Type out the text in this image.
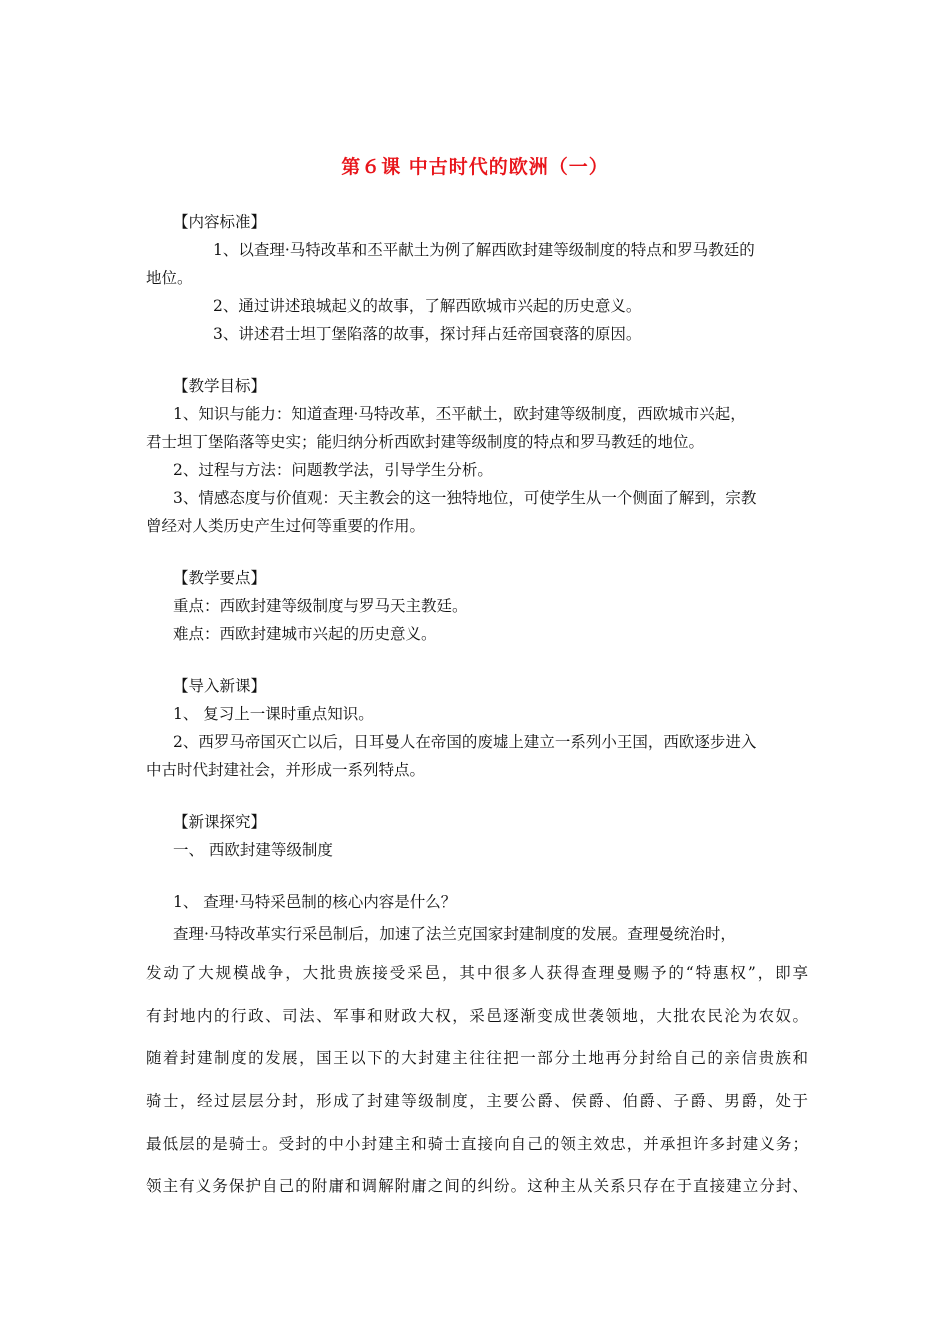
第６课 中古时代的欧洲（一）

【内容标准】

1、以查理·马特改革和丕平献土为例了解西欧封建等级制度的特点和罗马教廷的

地位。

2、通过讲述琅城起义的故事，了解西欧城市兴起的历史意义。

3、讲述君士坦丁堡陷落的故事，探讨拜占廷帝国衰落的原因。

【教学目标】

1、知识与能力：知道查理·马特改革，丕平献土，欧封建等级制度，西欧城市兴起，

君士坦丁堡陷落等史实；能归纳分析西欧封建等级制度的特点和罗马教廷的地位。

2、过程与方法：问题教学法，引导学生分析。

3、情感态度与价值观：天主教会的这一独特地位，可使学生从一个侧面了解到，宗教

曾经对人类历史产生过何等重要的作用。

【教学要点】

重点：西欧封建等级制度与罗马天主教廷。

难点：西欧封建城市兴起的历史意义。

【导入新课】

1、 复习上一课时重点知识。

2、西罗马帝国灭亡以后，日耳曼人在帝国的废墟上建立一系列小王国，西欧逐步进入

中古时代封建社会，并形成一系列特点。

【新课探究】

一、 西欧封建等级制度

1、 查理·马特采邑制的核心内容是什么？

查理·马特改革实行采邑制后，加速了法兰克国家封建制度的发展。查理曼统治时，

发动了大规模战争，大批贵族接受采邑，其中很多人获得查理曼赐予的“特惠权”，即享

有封地内的行政、司法、军事和财政大权，采邑逐渐变成世袭领地，大批农民沦为农奴。

随着封建制度的发展，国王以下的大封建主往往把一部分土地再分封给自己的亲信贵族和

骑士，经过层层分封，形成了封建等级制度，主要公爵、侯爵、伯爵、子爵、男爵，处于

最低层的是骑士。受封的中小封建主和骑士直接向自己的领主效忠，并承担许多封建义务；

领主有义务保护自己的附庸和调解附庸之间的纠纷。这种主从关系只存在于直接建立分封、
